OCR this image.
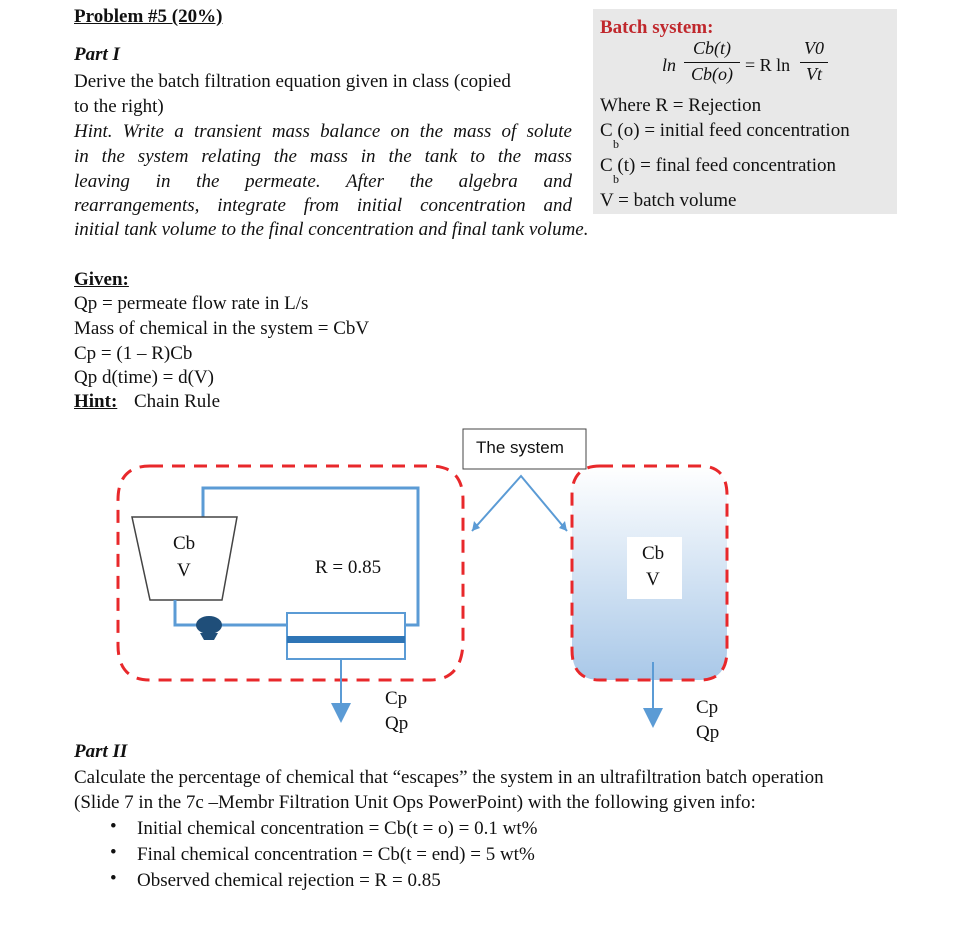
Problem #5 (20%)
Batch system:
ln
Cb(t)
Cb(o) = R ln
V0
Vt
Where R = Rejection
C (o) = initial feed concentration
b
C (t) = final feed concentration
b
V = batch volume
Part I
Derive the batch filtration equation given in class (copied
to the right)
Hint. Write a transient mass balance on the mass of solute
in the system relating the mass in the tank to the mass
leaving in the permeate. After the algebra and
rearrangements, integrate from initial concentration and
initial tank volume to the final concentration and final tank volume.
Given:
Qp = permeate flow rate in L/s
Mass of chemical in the system = CbV
Cp = (1 – R)Cb
Qp d(time) = d(V)
Hint: Chain Rule
The system
Cb
V	R = 0.85
Cp
Qp
Cb
V
Cp
Qp
Part II
Calculate the percentage of chemical that “escapes” the system in an ultrafiltration batch operation
(Slide 7 in the 7c –Membr Filtration Unit Ops PowerPoint) with the following given info:
• Initial chemical concentration = Cb(t = o) = 0.1 wt%
• Final chemical concentration = Cb(t = end) = 5 wt%
• Observed chemical rejection = R = 0.85
